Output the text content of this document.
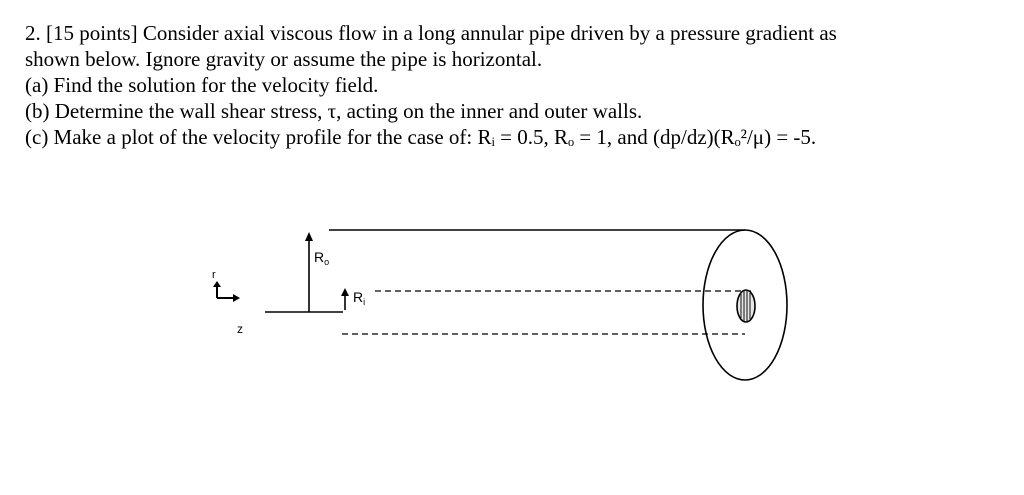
2. [15 points] Consider axial viscous flow in a long annular pipe driven by a pressure gradient as
shown below. Ignore gravity or assume the pipe is horizontal.
(a) Find the solution for the velocity field.
(b) Determine the wall shear stress, τ, acting on the inner and outer walls.
(c) Make a plot of the velocity profile for the case of: Rᵢ = 0.5, Rₒ = 1, and (dp/dz)(Rₒ²/μ) = -5.
r
z
$R_o$
$R_i$
